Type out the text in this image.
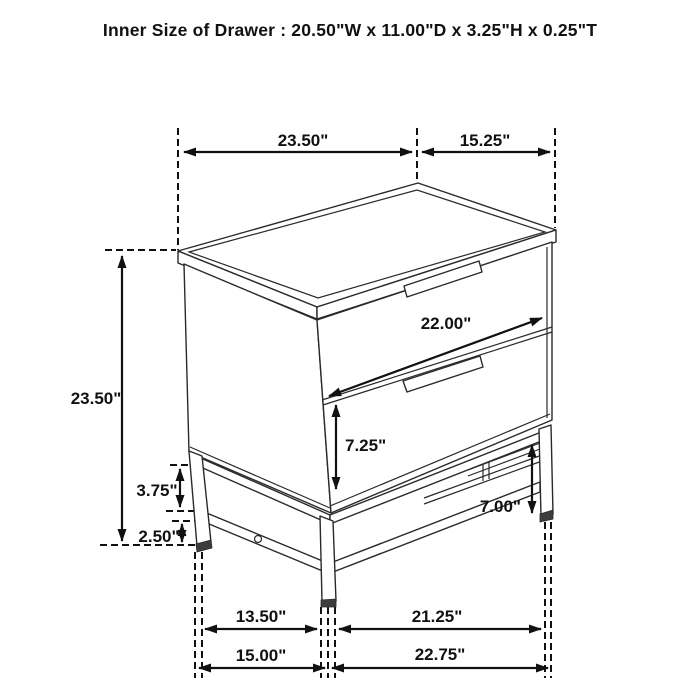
Inner Size of Drawer : 20.50"W x 11.00"D x 3.25"H x 0.25"T
23.50"	15.25"
23.50"
3.75"
2.50"
22.00"
7.25"
7.00"
13.50"	21.25"
15.00"	22.75"
